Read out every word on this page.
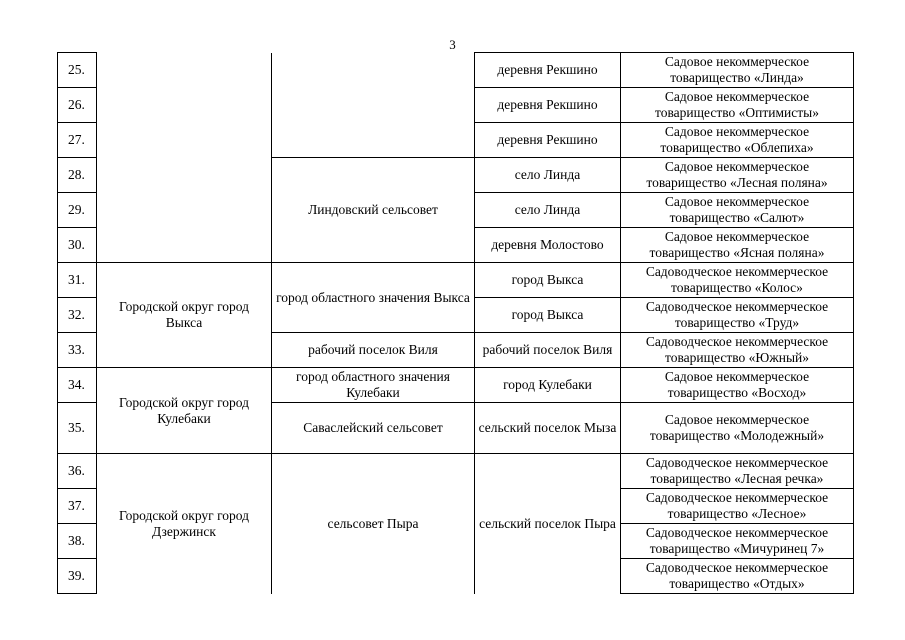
3
25.			деревня Рекшино	Садовое некоммерческое товарищество «Линда»
26.			деревня Рекшино	Садовое некоммерческое товарищество «Оптимисты»
27.			деревня Рекшино	Садовое некоммерческое товарищество «Облепиха»
28.		Линдовский сельсовет	село Линда	Садовое некоммерческое товарищество «Лесная поляна»
29.			село Линда	Садовое некоммерческое товарищество «Салют»
30.			деревня Молостово	Садовое некоммерческое товарищество «Ясная поляна»
31.	Городской округ город Выкса	город областного значения Выкса	город Выкса	Садоводческое некоммерческое товарищество «Колос»
32.			город Выкса	Садоводческое некоммерческое товарищество «Труд»
33.		рабочий поселок Виля	рабочий поселок Виля	Садоводческое некоммерческое товарищество «Южный»
34.	Городской округ город Кулебаки	город областного значения Кулебаки	город Кулебаки	Садовое некоммерческое товарищество «Восход»
35.		Саваслейский сельсовет	сельский поселок Мыза	Садовое некоммерческое товарищество «Молодежный»
36.	Городской округ город Дзержинск	сельсовет Пыра	сельский поселок Пыра	Садоводческое некоммерческое товарищество «Лесная речка»
37.				Садоводческое некоммерческое товарищество «Лесное»
38.				Садоводческое некоммерческое товарищество «Мичуринец 7»
39.				Садоводческое некоммерческое товарищество «Отдых»
